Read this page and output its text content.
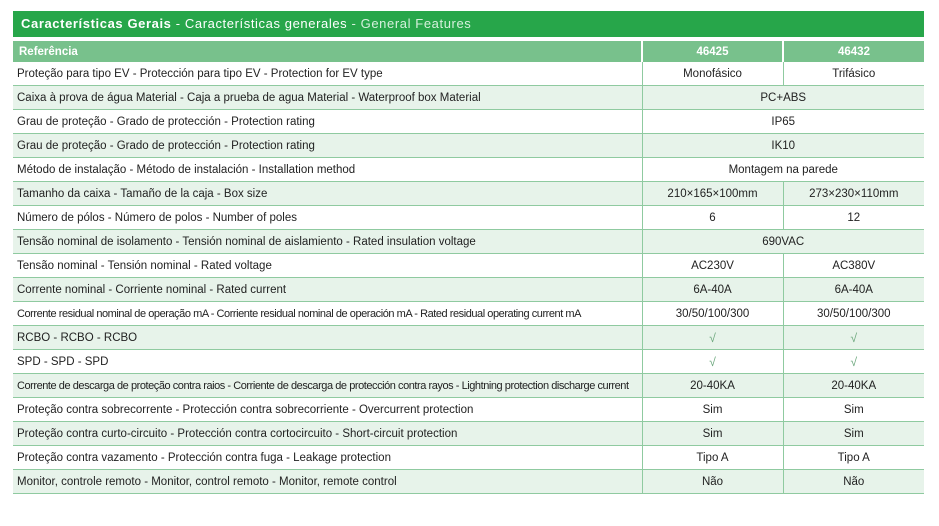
Características Gerais - Características generales - General Features
Referência	46425	46432
Proteção para tipo EV - Protección para tipo EV - Protection for EV type	Monofásico	Trifásico
Caixa à prova de água Material - Caja a prueba de agua Material - Waterproof box Material	PC+ABS	
Grau de proteção - Grado de protección - Protection rating	IP65	
Grau de proteção - Grado de protección - Protection rating	IK10	
Método de instalação - Método de instalación - Installation method	Montagem na parede	
Tamanho da caixa - Tamaño de la caja - Box size	210×165×100mm	273×230×110mm
Número de pólos - Número de polos - Number of poles	6	12
Tensão nominal de isolamento - Tensión nominal de aislamiento - Rated insulation voltage	690VAC	
Tensão nominal - Tensión nominal - Rated voltage	AC230V	AC380V
Corrente nominal - Corriente nominal - Rated current	6A-40A	6A-40A
Corrente residual nominal de operação mA - Corriente residual nominal de operación mA - Rated residual operating current mA	30/50/100/300	30/50/100/300
RCBO - RCBO - RCBO	√	√
SPD - SPD - SPD	√	√
Corrente de descarga de proteção contra raios - Corriente de descarga de protección contra rayos - Lightning protection discharge current	20-40KA	20-40KA
Proteção contra sobrecorrente - Protección contra sobrecorriente - Overcurrent protection	Sim	Sim
Proteção contra curto-circuito - Protección contra cortocircuito - Short-circuit protection	Sim	Sim
Proteção contra vazamento - Protección contra fuga - Leakage protection	Tipo A	Tipo A
Monitor, controle remoto - Monitor, control remoto - Monitor, remote control	Não	Não
